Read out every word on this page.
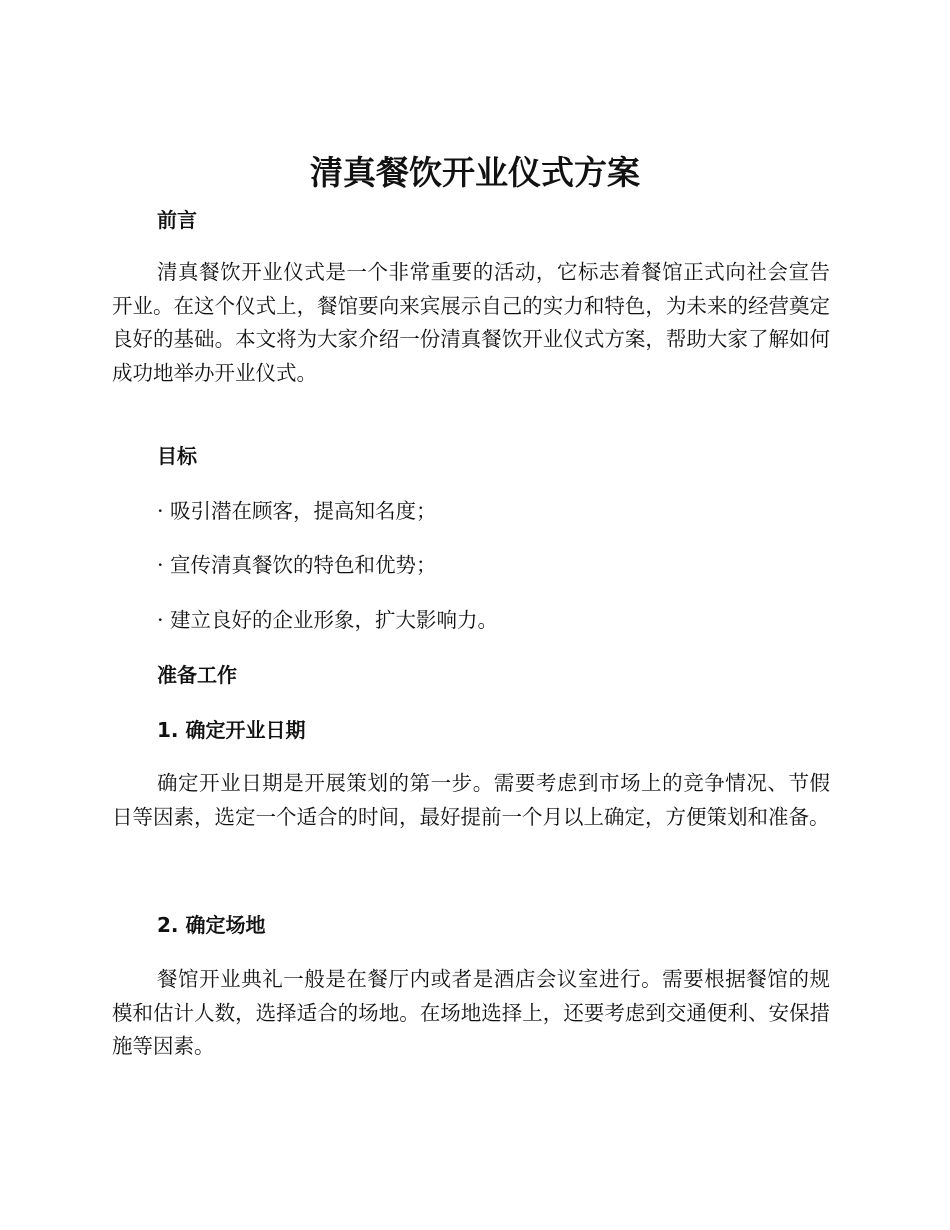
清真餐饮开业仪式方案
前言

清真餐饮开业仪式是一个非常重要的活动，它标志着餐馆正式向社会宣告开业。在这个仪式上，餐馆要向来宾展示自己的实力和特色，为未来的经营奠定良好的基础。本文将为大家介绍一份清真餐饮开业仪式方案，帮助大家了解如何成功地举办开业仪式。

目标
· 吸引潜在顾客，提高知名度；
· 宣传清真餐饮的特色和优势；
· 建立良好的企业形象，扩大影响力。
准备工作
1. 确定开业日期

确定开业日期是开展策划的第一步。需要考虑到市场上的竞争情况、节假日等因素，选定一个适合的时间，最好提前一个月以上确定，方便策划和准备。

2. 确定场地

餐馆开业典礼一般是在餐厅内或者是酒店会议室进行。需要根据餐馆的规模和估计人数，选择适合的场地。在场地选择上，还要考虑到交通便利、安保措施等因素。
